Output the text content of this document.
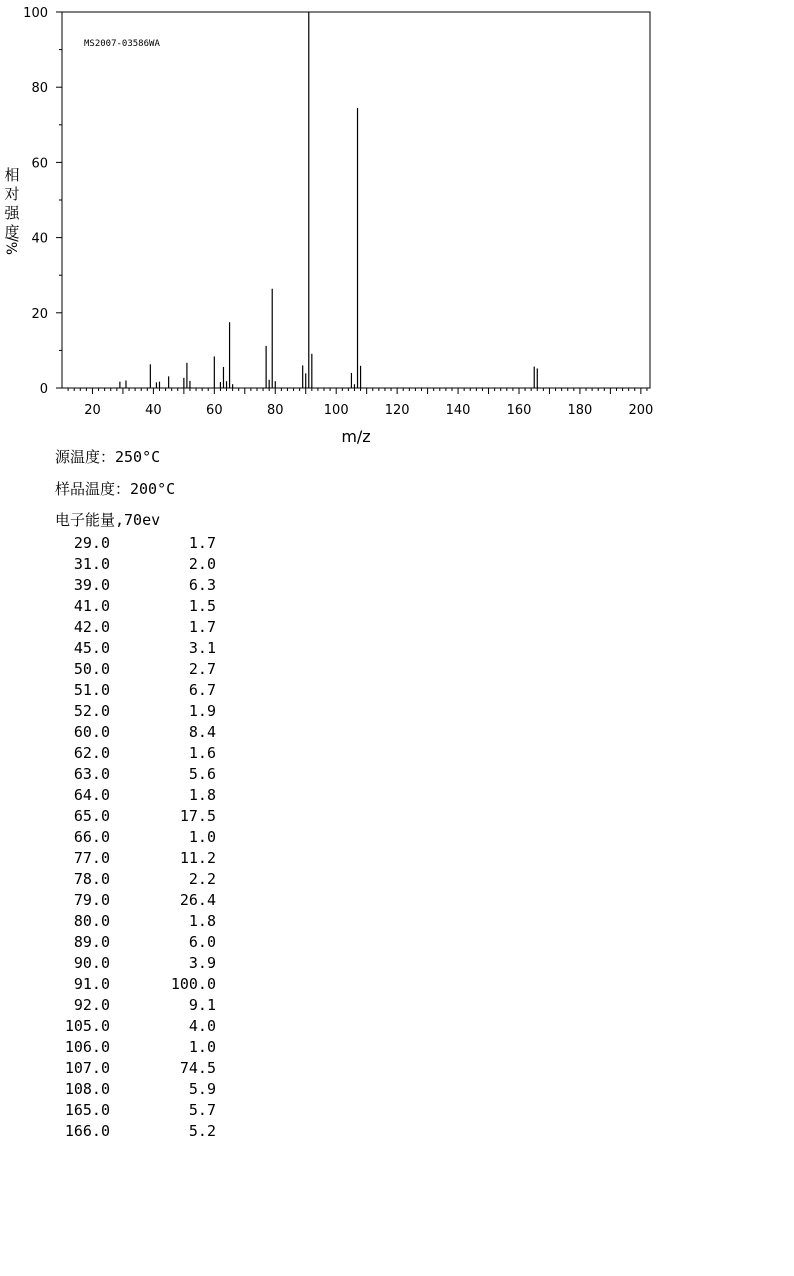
20	40	60	80	100	120	140	160	180	200
0
20
40
60
80
100
m/z
相
对
强
度
%/
MS2007-03586WA
源温度：250°C
样品温度：200°C
电子能量,70ev
29.0	1.7
31.0	2.0
39.0	6.3
41.0	1.5
42.0	1.7
45.0	3.1
50.0	2.7
51.0	6.7
52.0	1.9
60.0	8.4
62.0	1.6
63.0	5.6
64.0	1.8
65.0	17.5
66.0	1.0
77.0	11.2
78.0	2.2
79.0	26.4
80.0	1.8
89.0	6.0
90.0	3.9
91.0	100.0
92.0	9.1
105.0	4.0
106.0	1.0
107.0	74.5
108.0	5.9
165.0	5.7
166.0	5.2
